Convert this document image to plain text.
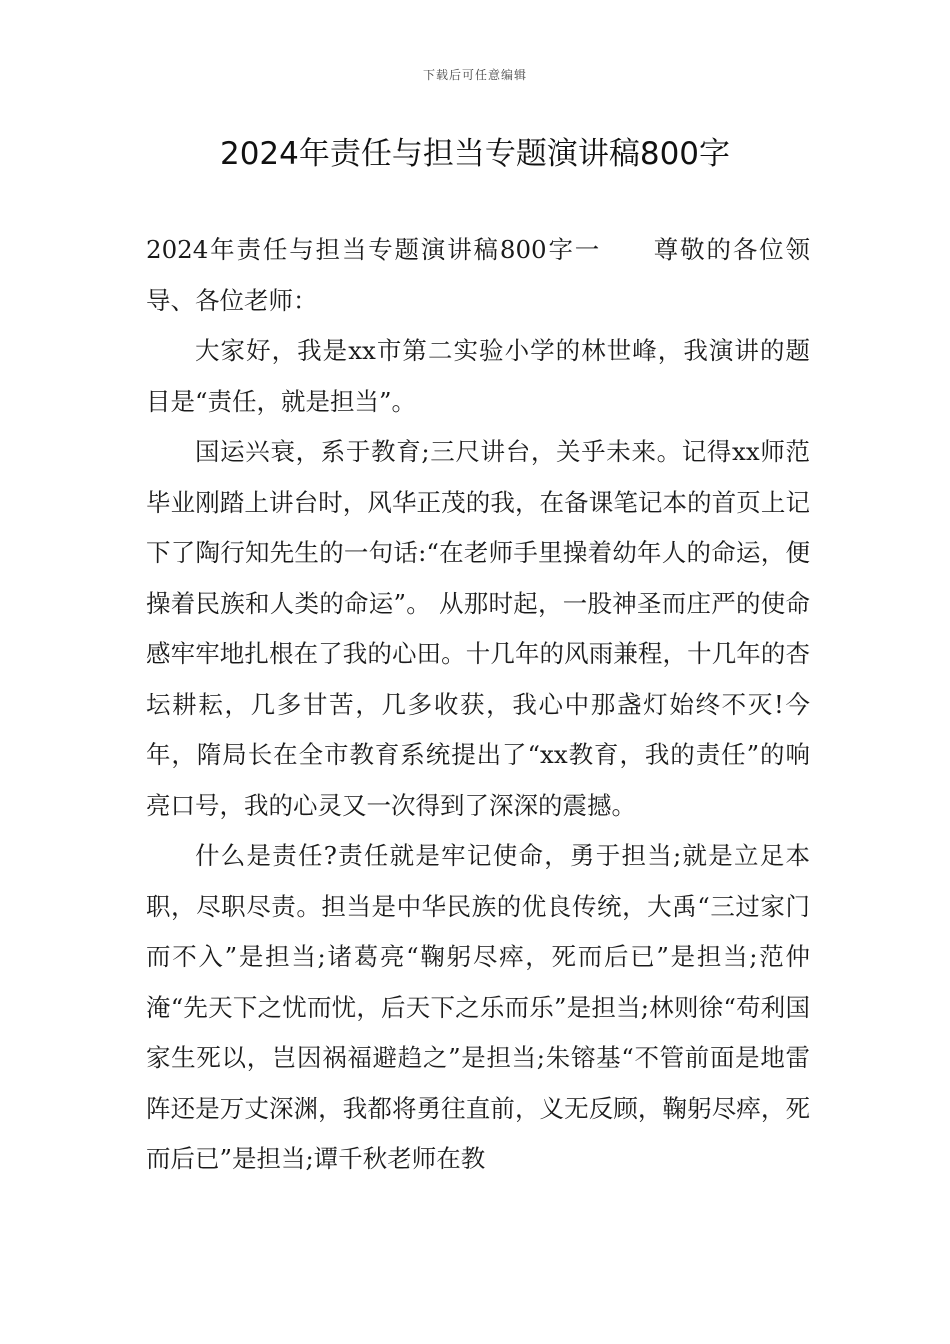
下载后可任意编辑
2024年责任与担当专题演讲稿800字

2024年责任与担当专题演讲稿800字一　　尊敬的各位领导、各位老师：

大家好，我是xx市第二实验小学的林世峰，我演讲的题目是“责任，就是担当”。

国运兴衰，系于教育;三尺讲台，关乎未来。记得xx师范毕业刚踏上讲台时，风华正茂的我，在备课笔记本的首页上记下了陶行知先生的一句话:“在老师手里操着幼年人的命运，便操着民族和人类的命运”。 从那时起，一股神圣而庄严的使命感牢牢地扎根在了我的心田。十几年的风雨兼程，十几年的杏坛耕耘，几多甘苦，几多收获，我心中那盏灯始终不灭!今年，隋局长在全市教育系统提出了“xx教育，我的责任”的响亮口号，我的心灵又一次得到了深深的震撼。

什么是责任?责任就是牢记使命，勇于担当;就是立足本职，尽职尽责。担当是中华民族的优良传统，大禹“三过家门而不入”是担当;诸葛亮“鞠躬尽瘁，死而后已”是担当;范仲淹“先天下之忧而忧，后天下之乐而乐”是担当;林则徐“苟利国家生死以，岂因祸福避趋之”是担当;朱镕基“不管前面是地雷阵还是万丈深渊，我都将勇往直前，义无反顾，鞠躬尽瘁，死而后已”是担当;谭千秋老师在教
